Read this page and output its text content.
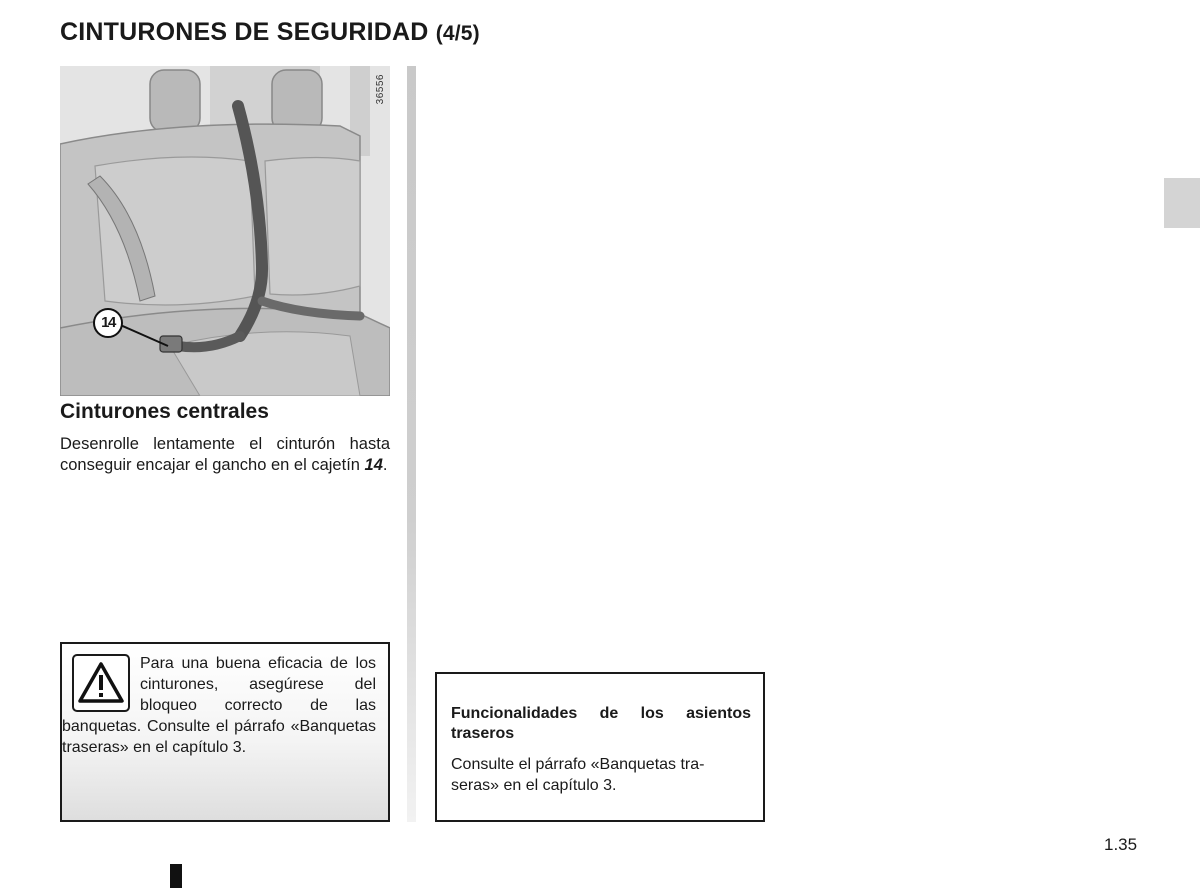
CINTURONES DE SEGURIDAD (4/5)
36556
14
Cinturones centrales
Desenrolle lentamente el cinturón hasta conseguir encajar el gancho en el cajetín 14.
Para una buena eficacia de los cinturones, asegúrese del bloqueo correcto de las banquetas. Consulte el párrafo «Banquetas traseras» en el capítulo 3.
Funcionalidades de los asientos traseros
Consulte el párrafo «Banquetas tra- seras» en el capítulo 3.
1.35
